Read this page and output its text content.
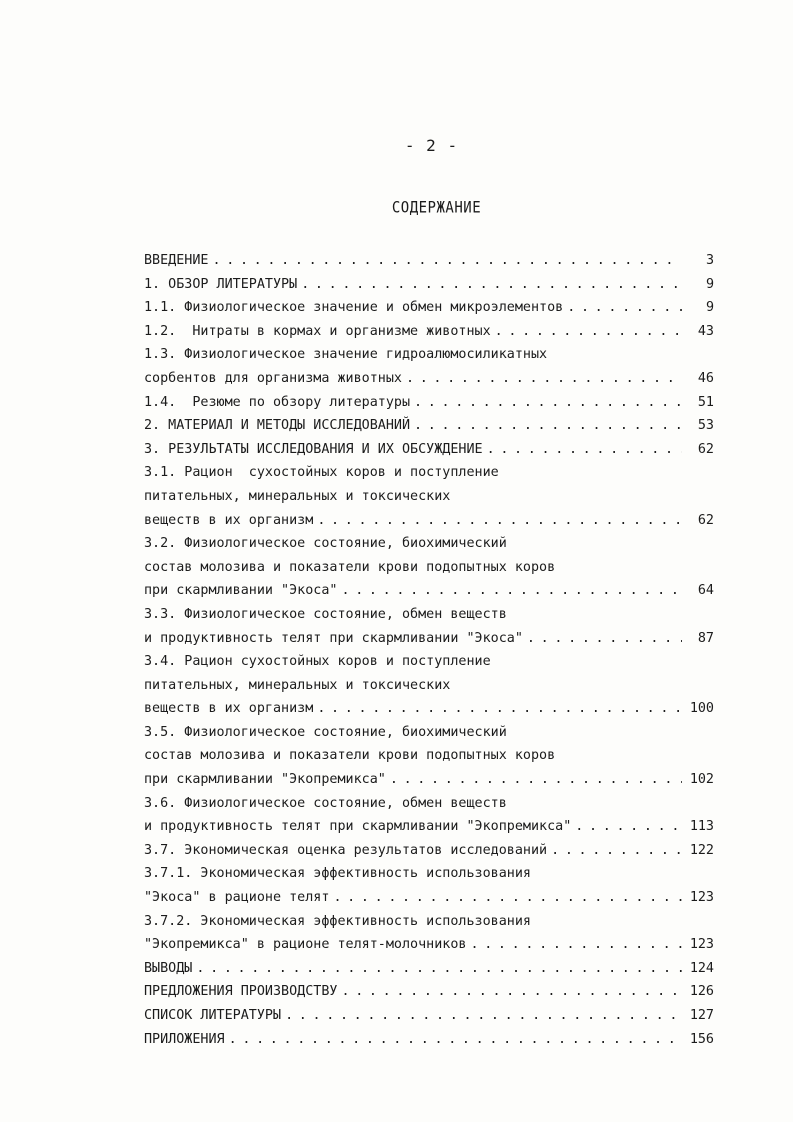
- 2 -
СОДЕРЖАНИЕ
ВВЕДЕНИЕ . . .	3
1. ОБЗОР ЛИТЕРАТУРЫ . . .	9
1.1. Физиологическое значение и обмен микроэлементов . . .	9
1.2.  Нитраты в кормах и организме животных . . .	43
1.3. Физиологическое значение гидроалюмосиликатных
сорбентов для организма животных . . .	46
1.4.  Резюме по обзору литературы . . .	51
2. МАТЕРИАЛ И МЕТОДЫ ИССЛЕДОВАНИЙ . . .	53
3. РЕЗУЛЬТАТЫ ИССЛЕДОВАНИЯ И ИХ ОБСУЖДЕНИЕ . . .	62
3.1. Рацион  сухостойных коров и поступление
питательных, минеральных и токсических
веществ в их организм . . .	62
3.2. Физиологическое состояние, биохимический
состав молозива и показатели крови подопытных коров
при скармливании "Экоса" . . .	64
3.3. Физиологическое состояние, обмен веществ
и продуктивность телят при скармливании "Экоса" . . .	87
3.4. Рацион сухостойных коров и поступление
питательных, минеральных и токсических
веществ в их организм . . .	100
3.5. Физиологическое состояние, биохимический
состав молозива и показатели крови подопытных коров
при скармливании "Экопремикса" . . .	102
3.6. Физиологическое состояние, обмен веществ
и продуктивность телят при скармливании "Экопремикса" . . .	113
3.7. Экономическая оценка результатов исследований . . .	122
3.7.1. Экономическая эффективность использования
"Экоса" в рационе телят . . .	123
3.7.2. Экономическая эффективность использования
"Экопремикса" в рационе телят-молочников . . .	123
ВЫВОДЫ . . .	124
ПРЕДЛОЖЕНИЯ ПРОИЗВОДСТВУ . . .	126
СПИСОК ЛИТЕРАТУРЫ . . .	127
ПРИЛОЖЕНИЯ . . .	156
